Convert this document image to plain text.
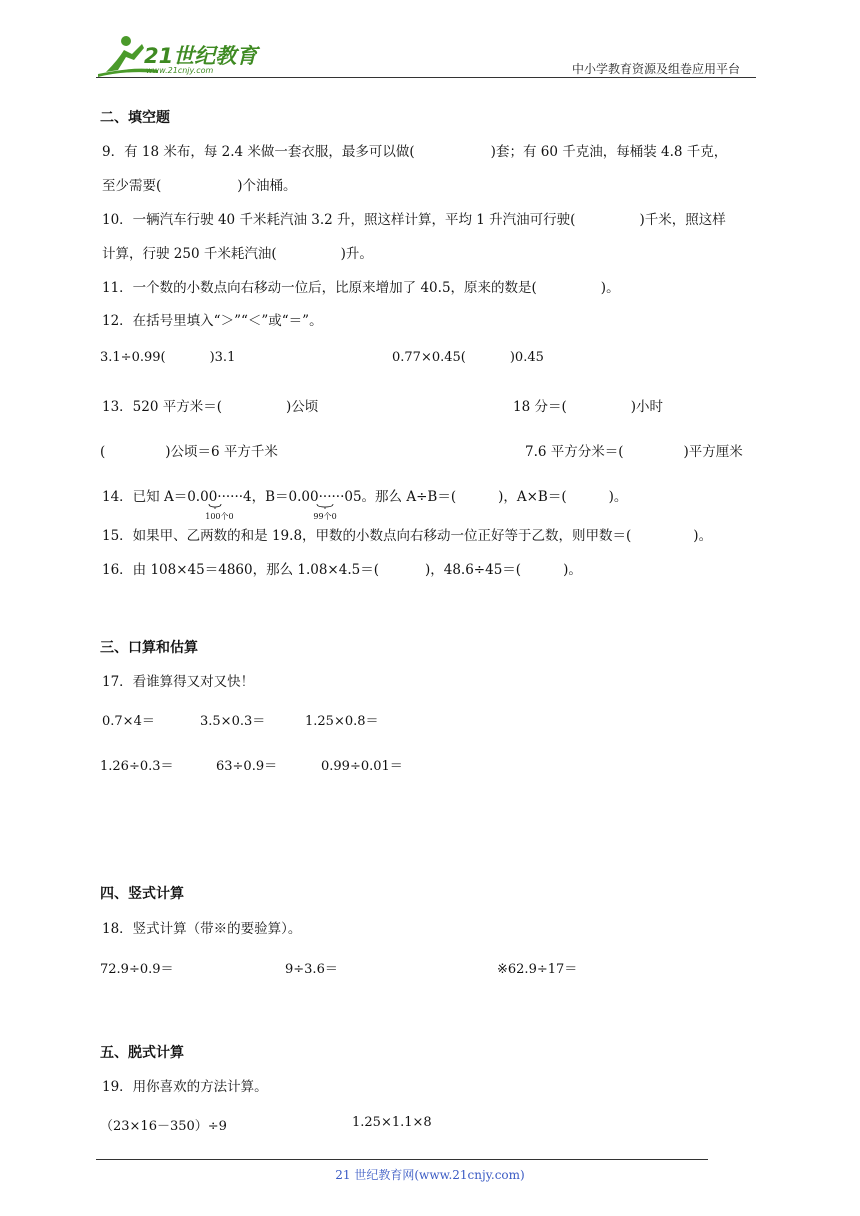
21世纪教育
www.21cnjy.com	中小学教育资源及组卷应用平台
二、填空题
9．有 18 米布，每 2.4 米做一套衣服，最多可以做(	)套；有 60 千克油，每桶装 4.8 千克，
至少需要(	)个油桶。
10．一辆汽车行驶 40 千米耗汽油 3.2 升，照这样计算，平均 1 升汽油可行驶(	)千米，照这样
计算，行驶 250 千米耗汽油(	)升。
11．一个数的小数点向右移动一位后，比原来增加了 40.5，原来的数是(	)。
12．在括号里填入“＞”“＜”或“＝”。
3.1÷0.99(	)3.1	0.77×0.45(	)0.45
13．520 平方米＝(	)公顷	18 分＝(	)小时
(	)公顷＝6 平方千米	7.6 平方分米＝(	)平方厘米
14．已知 A＝0.00······4
100个0
，B＝0.00······05
99个0
。那么 A÷B＝(	)，A×B＝(	)。
15．如果甲、乙两数的和是 19.8，甲数的小数点向右移动一位正好等于乙数，则甲数＝(	)。
16．由 108×45＝4860，那么 1.08×4.5＝(	)，48.6÷45＝(	)。
三、口算和估算
17．看谁算得又对又快！
0.7×4＝	3.5×0.3＝	1.25×0.8＝
1.26÷0.3＝	63÷0.9＝	0.99÷0.01＝
四、竖式计算
18．竖式计算（带※的要验算）。
72.9÷0.9＝	9÷3.6＝	※62.9÷17＝
五、脱式计算
19．用你喜欢的方法计算。
（23×16－350）÷9	1.25×1.1×8
21 世纪教育网(www.21cnjy.com)
